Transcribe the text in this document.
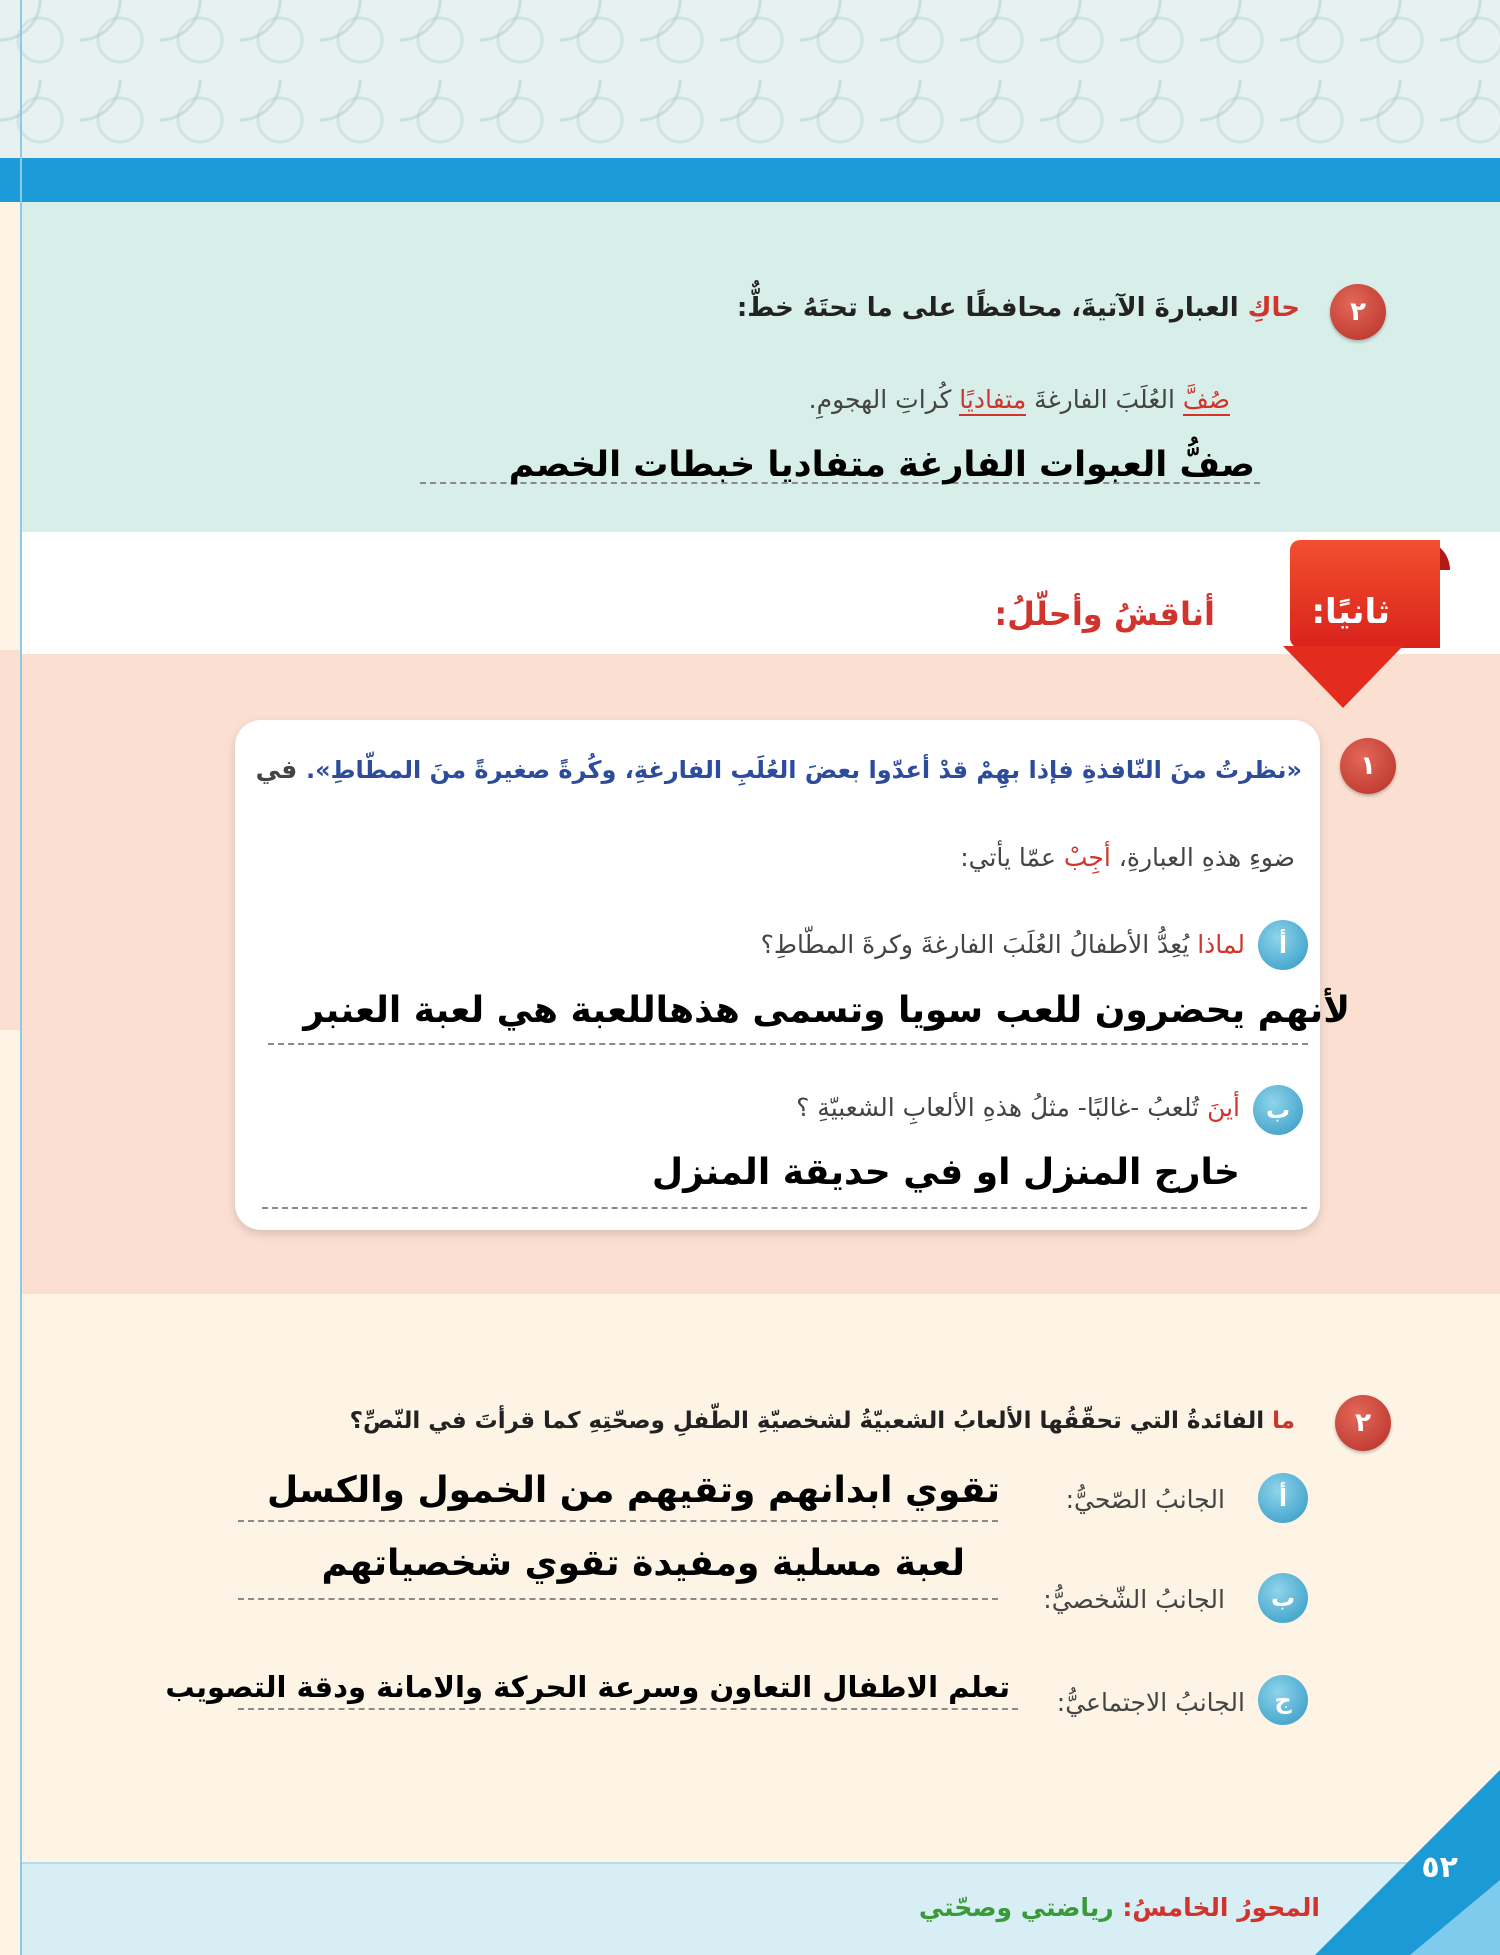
٢
حاكِ العبارةَ الآتيةَ، محافظًا على ما تحتَهُ خطٌّ:
صُفَّ العُلَبَ الفارغةَ متفاديًا كُراتِ الهجومِ.
صفُّ العبوات الفارغة متفاديا خبطات الخصم
ثانيًا:
أناقشُ وأحلّلُ:
١
«نظرتُ منَ النّافذةِ فإذا بهِمْ قدْ أعدّوا بعضَ العُلَبِ الفارغةِ، وكُرةً صغيرةً منَ المطّاطِ». في
ضوءِ هذهِ العبارةِ، أجِبْ عمّا يأتي:
أ
لماذا يُعِدُّ الأطفالُ العُلَبَ الفارغةَ وكرةَ المطّاطِ؟
لأنهم يحضرون للعب سويا وتسمى هذهاللعبة هي لعبة العنبر
ب
أينَ تُلعبُ -غالبًا- مثلُ هذهِ الألعابِ الشعبيّةِ ؟
خارج المنزل او في حديقة المنزل
٢
ما الفائدةُ التي تحقّقُها الألعابُ الشعبيّةُ لشخصيّةِ الطّفلِ وصحّتِهِ كما قرأتَ في النّصِّ؟
أ
الجانبُ الصّحيُّ:
تقوي ابدانهم وتقيهم من الخمول والكسل
ب
الجانبُ الشّخصيُّ:
لعبة مسلية ومفيدة تقوي شخصياتهم
ج
الجانبُ الاجتماعيُّ:
تعلم الاطفال التعاون وسرعة الحركة والامانة ودقة التصويب
٥٢
المحورُ الخامسُ: رياضتي وصحّتي
